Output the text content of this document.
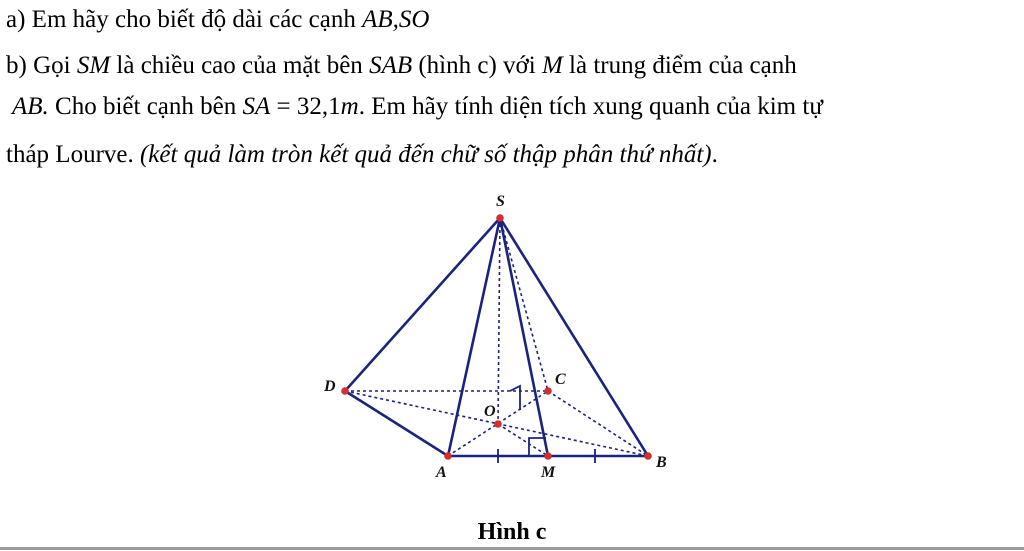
a) Em hãy cho biết độ dài các cạnh AB,SO
b) Gọi SM là chiều cao của mặt bên SAB (hình c) với M là trung điểm của cạnh
AB. Cho biết cạnh bên SA = 32,1m. Em hãy tính diện tích xung quanh của kim tự
tháp Lourve. (kết quả làm tròn kết quả đến chữ số thập phân thứ nhất).
S
D	C
O
A	M
B
Hình c
